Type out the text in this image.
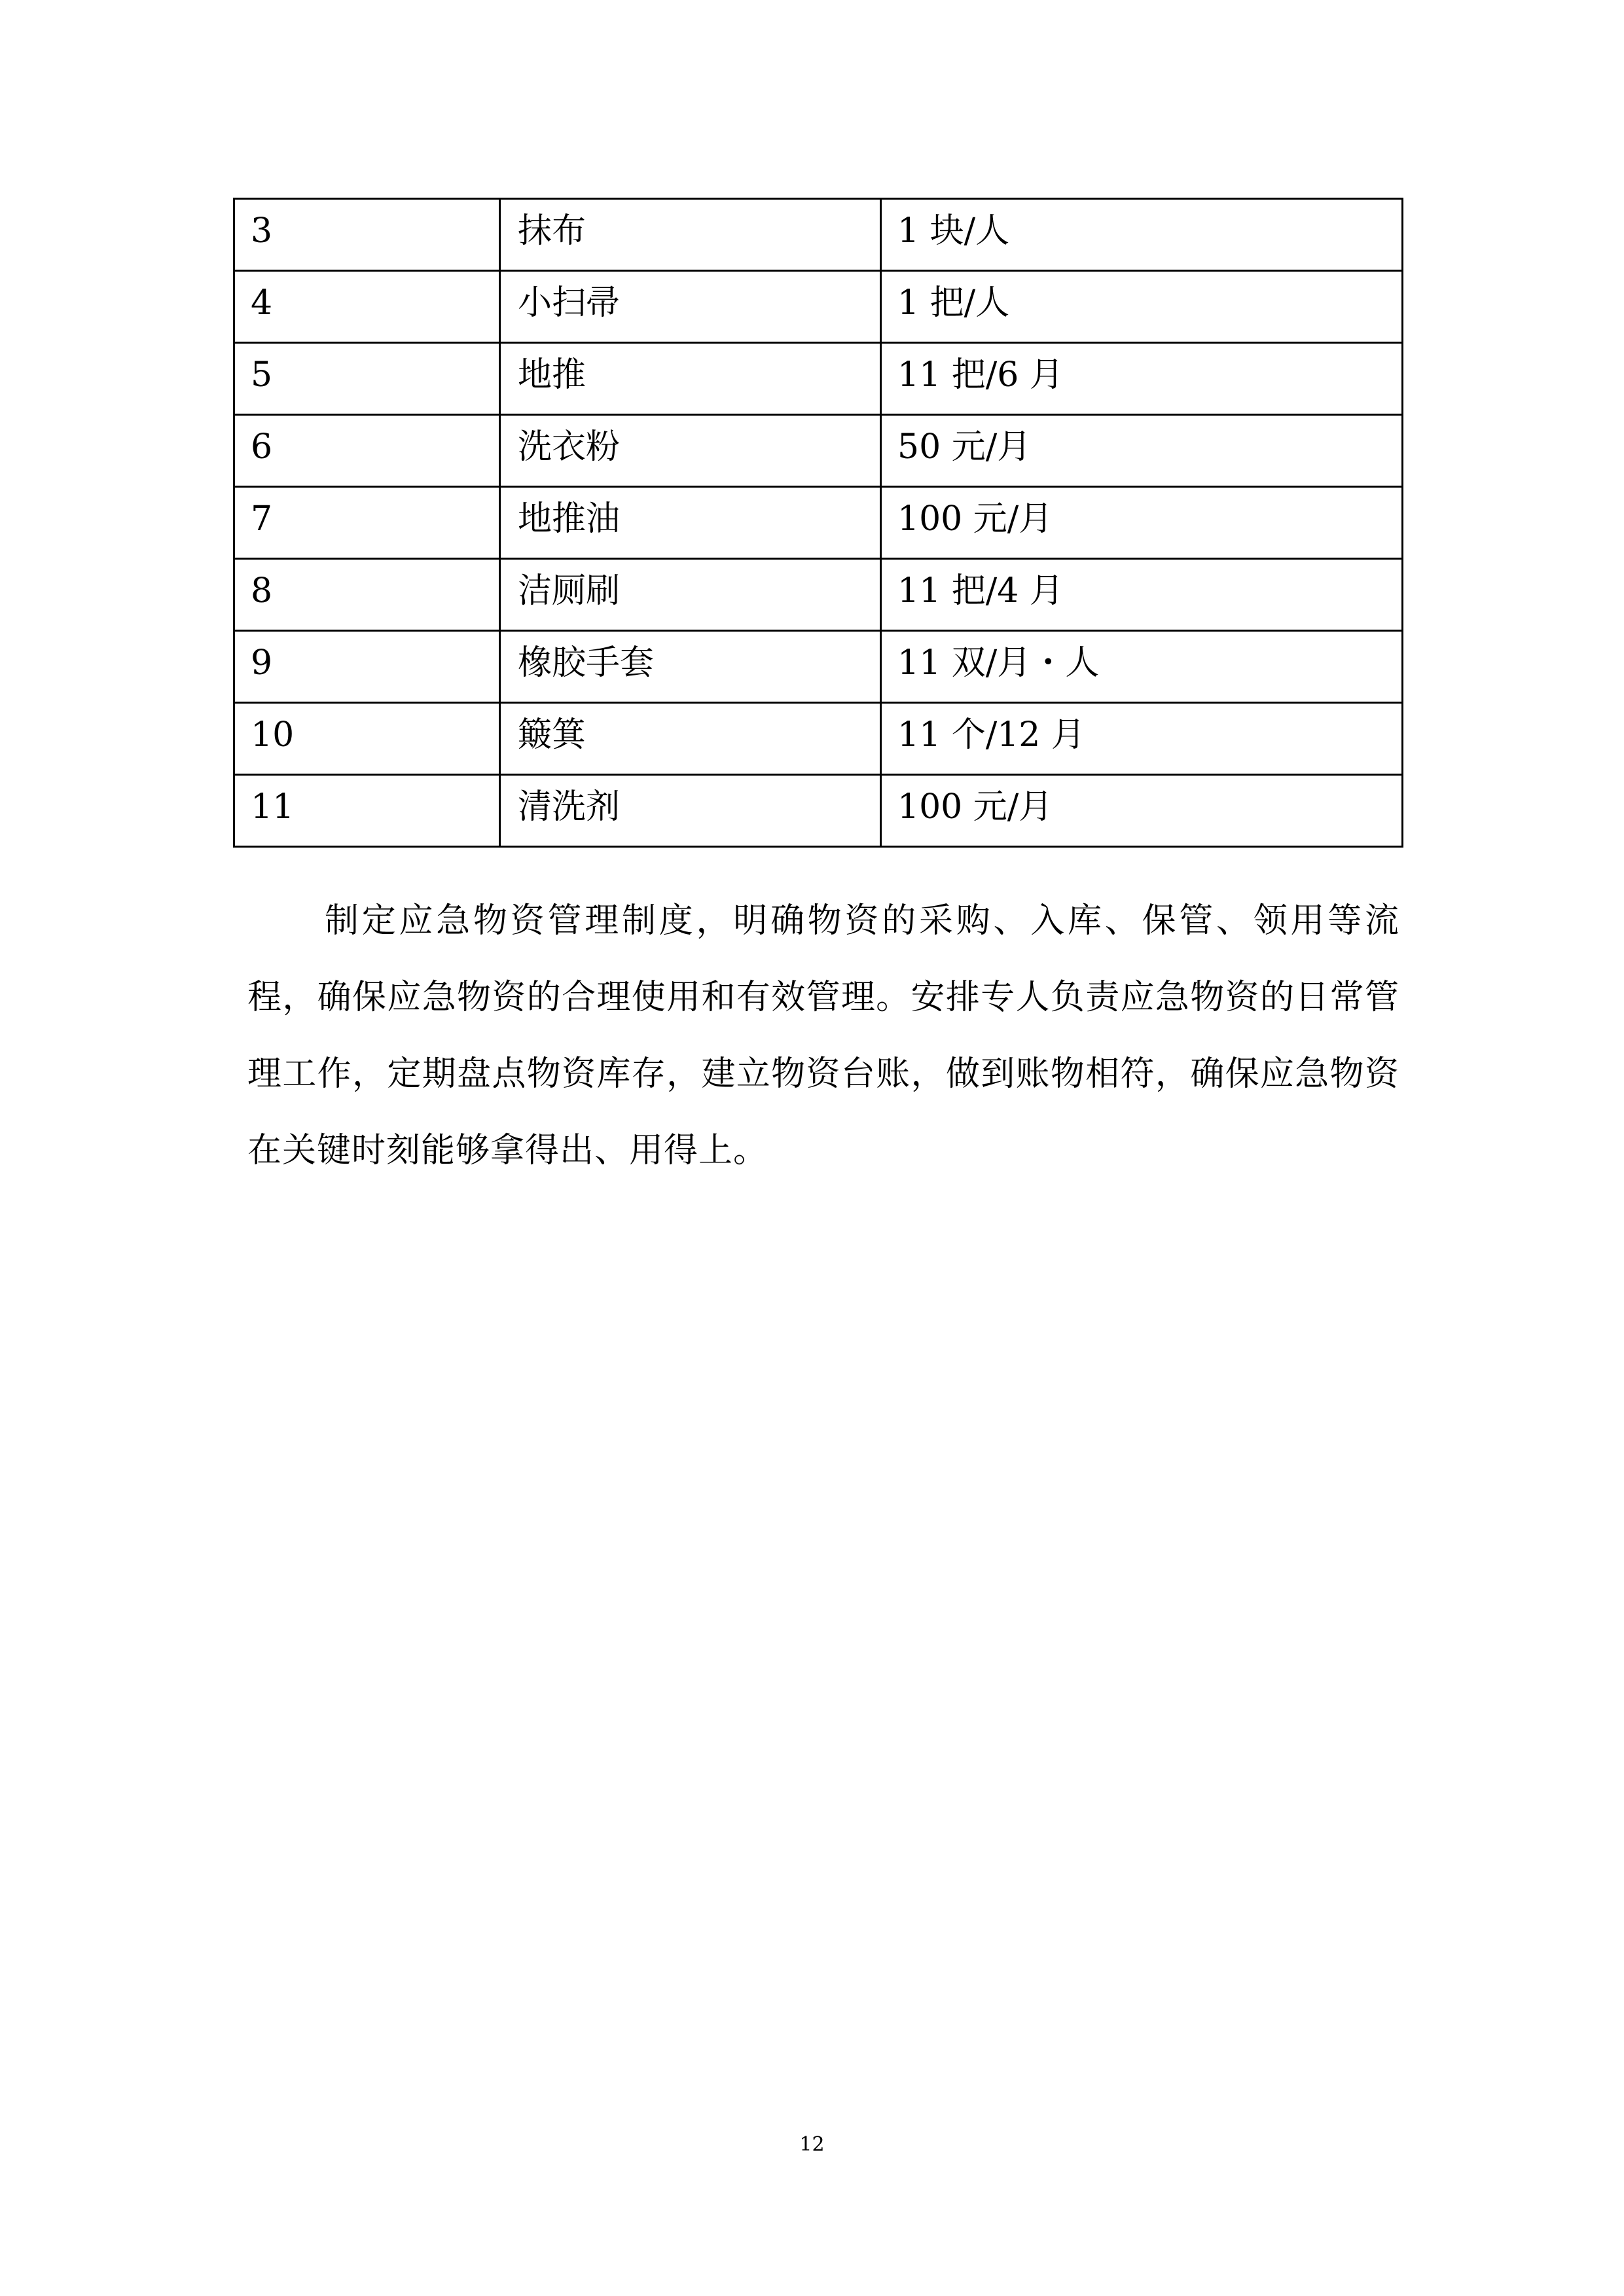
3	抹布	1 块/人
4	小扫帚	1 把/人
5	地推	11 把/6 月
6	洗衣粉	50 元/月
7	地推油	100 元/月
8	洁厕刷	11 把/4 月
9	橡胶手套	11 双/月・人
10	簸箕	11 个/12 月
11	清洗剂	100 元/月

制定应急物资管理制度，明确物资的采购、入库、保管、领用等流程，确保应急物资的合理使用和有效管理。安排专人负责应急物资的日常管理工作，定期盘点物资库存，建立物资台账，做到账物相符，确保应急物资在关键时刻能够拿得出、用得上。

12
